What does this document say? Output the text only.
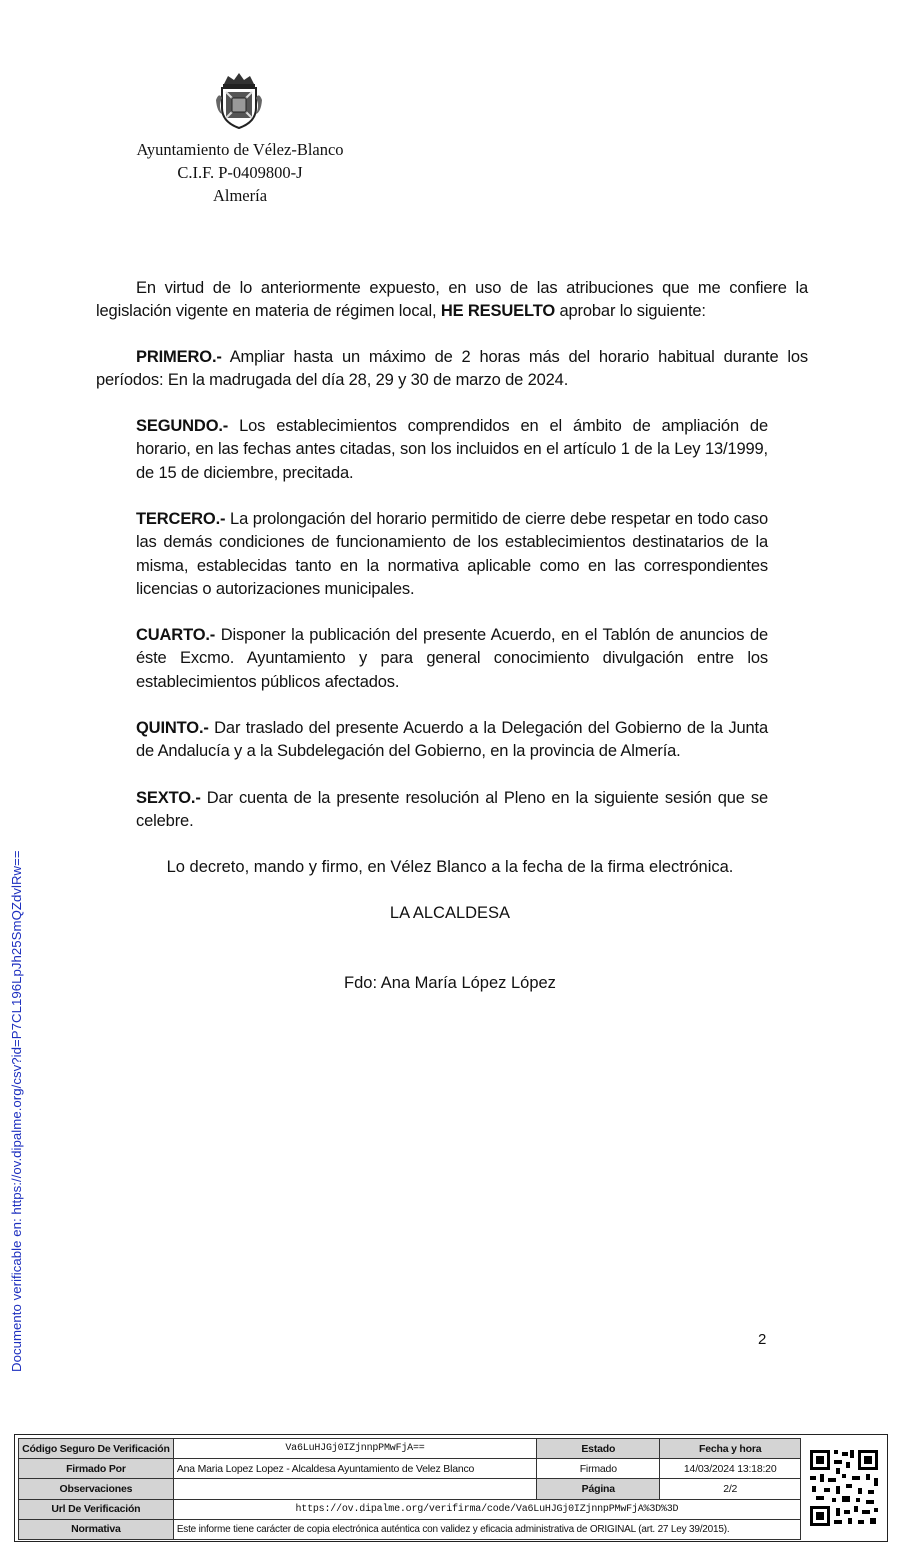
Ayuntamiento de Vélez-Blanco
C.I.F. P-0409800-J
Almería
En virtud de lo anteriormente expuesto, en uso de las atribuciones que me confiere la legislación vigente en materia de régimen local, HE RESUELTO aprobar lo siguiente:
PRIMERO.- Ampliar hasta un máximo de 2 horas más del horario habitual durante los períodos: En la madrugada del día 28, 29 y 30 de marzo de 2024.
SEGUNDO.- Los establecimientos comprendidos en el ámbito de ampliación de horario, en las fechas antes citadas, son los incluidos en el artículo 1 de la Ley 13/1999, de 15 de diciembre, precitada.
TERCERO.- La prolongación del horario permitido de cierre debe respetar en todo caso las demás condiciones de funcionamiento de los establecimientos destinatarios de la misma, establecidas tanto en la normativa aplicable como en las correspondientes licencias o autorizaciones municipales.
CUARTO.- Disponer la publicación del presente Acuerdo, en el Tablón de anuncios de éste Excmo. Ayuntamiento y para general conocimiento divulgación entre los establecimientos públicos afectados.
QUINTO.- Dar traslado del presente Acuerdo a la Delegación del Gobierno de la Junta de Andalucía y a la Subdelegación del Gobierno, en la provincia de Almería.
SEXTO.- Dar cuenta de la presente resolución al Pleno en la siguiente sesión que se celebre.
Lo decreto, mando y firmo, en Vélez Blanco a la fecha de la firma electrónica.
LA ALCALDESA
Fdo: Ana María López López
2
Documento verificable en: https://ov.dipalme.org/csv?id=P7CL196LpJh25SmQZdvlRw==
Código Seguro De Verificación	Va6LuHJGj0IZjnnpPMwFjA==	Estado	Fecha y hora
Firmado Por	Ana Maria Lopez Lopez - Alcaldesa Ayuntamiento de Velez Blanco	Firmado	14/03/2024 13:18:20
Observaciones		Página	2/2
Url De Verificación	https://ov.dipalme.org/verifirma/code/Va6LuHJGj0IZjnnpPMwFjA%3D%3D		
Normativa	Este informe tiene carácter de copia electrónica auténtica con validez y eficacia administrativa de ORIGINAL (art. 27 Ley 39/2015).		
